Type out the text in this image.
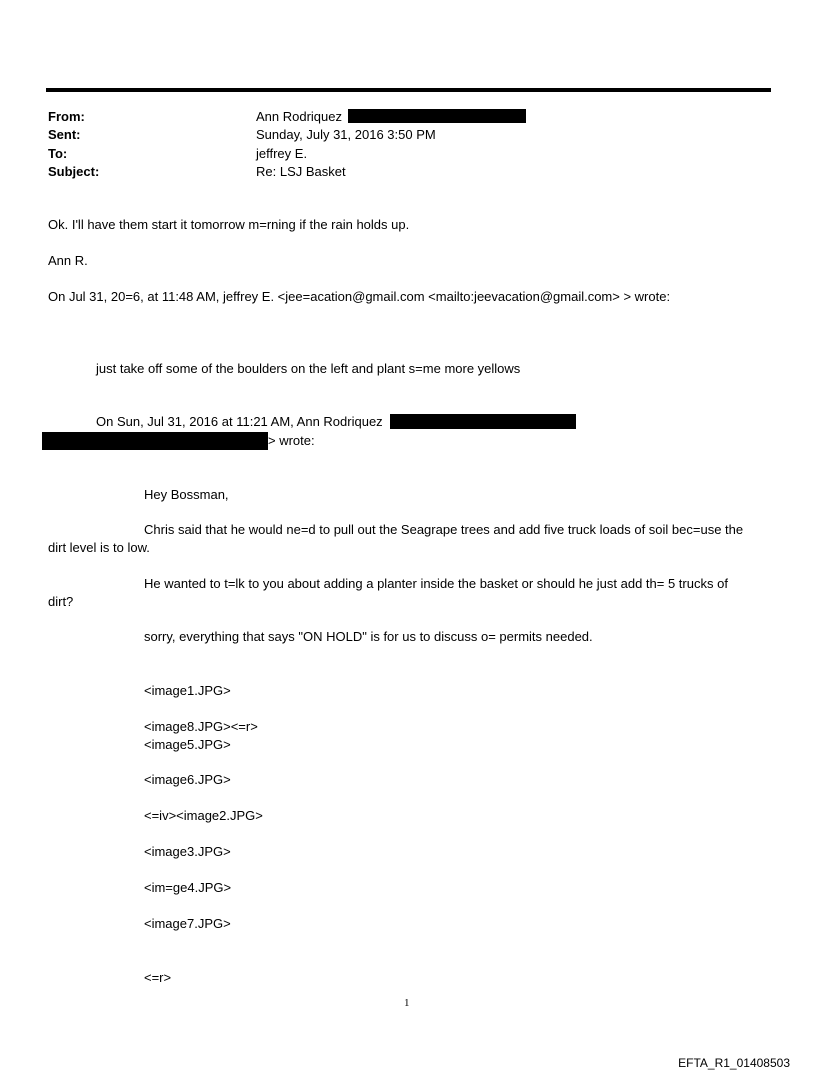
From:	Ann Rodriquez
Sent:	Sunday, July 31, 2016 3:50 PM
To:	jeffrey E.
Subject:	Re: LSJ Basket
Ok. I'll have them start it tomorrow m=rning if the rain holds up.
Ann R.
On Jul 31, 20=6, at 11:48 AM, jeffrey E. <jee=acation@gmail.com <mailto:jeevacation@gmail.com> > wrote:
just take off some of the boulders on the left and plant s=me more yellows
On Sun, Jul 31, 2016 at 11:21 AM, Ann Rodriquez
> wrote:
Hey Bossman,
Chris said that he would ne=d to pull out the Seagrape trees and add five truck loads of soil bec=use the
dirt level is to low.
He wanted to t=lk to you about adding a planter inside the basket or should he just add th= 5 trucks of
dirt?
sorry, everything that says "ON HOLD" is for us to discuss o= permits needed.
<image1.JPG>
<image8.JPG><=r>
<image5.JPG>
<image6.JPG>
<=iv><image2.JPG>
<image3.JPG>
<im=ge4.JPG>
<image7.JPG>
<=r>
1
EFTA_R1_01408503
